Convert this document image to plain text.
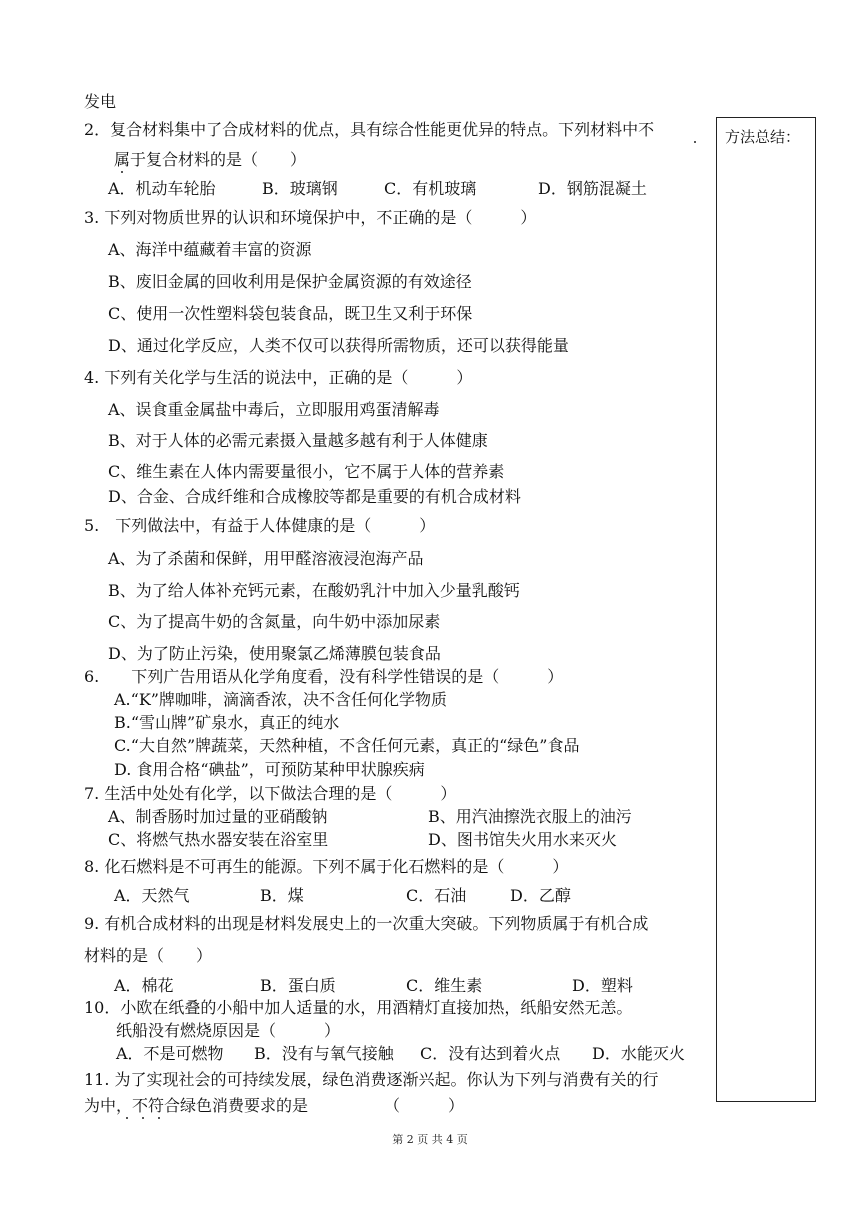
发电
2．复合材料集中了合成材料的优点，具有综合性能更优异的特点。下列材料中不
属于复合材料的是（　　）
A．机动车轮胎	B．玻璃钢	C．有机玻璃	D．钢筋混凝土
3. 下列对物质世界的认识和环境保护中，不正确的是（　　　）
A、海洋中蕴藏着丰富的资源
B、废旧金属的回收利用是保护金属资源的有效途径
C、使用一次性塑料袋包装食品，既卫生又利于环保
D、通过化学反应，人类不仅可以获得所需物质，还可以获得能量
4. 下列有关化学与生活的说法中，正确的是（　　　）
A、误食重金属盐中毒后，立即服用鸡蛋清解毒
B、对于人体的必需元素摄入量越多越有利于人体健康
C、维生素在人体内需要量很小，它不属于人体的营养素
D、合金、合成纤维和合成橡胶等都是重要的有机合成材料
5.　下列做法中，有益于人体健康的是（　　　）
A、为了杀菌和保鲜，用甲醛溶液浸泡海产品
B、为了给人体补充钙元素，在酸奶乳汁中加入少量乳酸钙
C、为了提高牛奶的含氮量，向牛奶中添加尿素
D、为了防止污染，使用聚氯乙烯薄膜包装食品
6.　　下列广告用语从化学角度看，没有科学性错误的是（　　　）
A.“K”牌咖啡，滴滴香浓，决不含任何化学物质
B.“雪山牌”矿泉水，真正的纯水
C.“大自然”牌蔬菜，天然种植，不含任何元素，真正的“绿色”食品
D. 食用合格“碘盐”，可预防某种甲状腺疾病
7. 生活中处处有化学，以下做法合理的是（　　　）
A、制香肠时加过量的亚硝酸钠	B、用汽油擦洗衣服上的油污
C、将燃气热水器安装在浴室里	D、图书馆失火用水来灭火
8. 化石燃料是不可再生的能源。下列不属于化石燃料的是（　　　）
A．天然气	B．煤	C．石油	D．乙醇
9. 有机合成材料的出现是材料发展史上的一次重大突破。下列物质属于有机合成
材料的是（　　）
A．棉花	B．蛋白质	C．维生素	D．塑料
10．小欧在纸叠的小船中加人适量的水，用酒精灯直接加热，纸船安然无恙。
纸船没有燃烧原因是（　　　）
A．不是可燃物 B．没有与氧气接触 C．没有达到着火点 D．水能灭火
11. 为了实现社会的可持续发展，绿色消费逐渐兴起。你认为下列与消费有关的行
为中，不符合绿色消费要求的是	（　　　）
方法总结：
第 2 页 共 4 页
